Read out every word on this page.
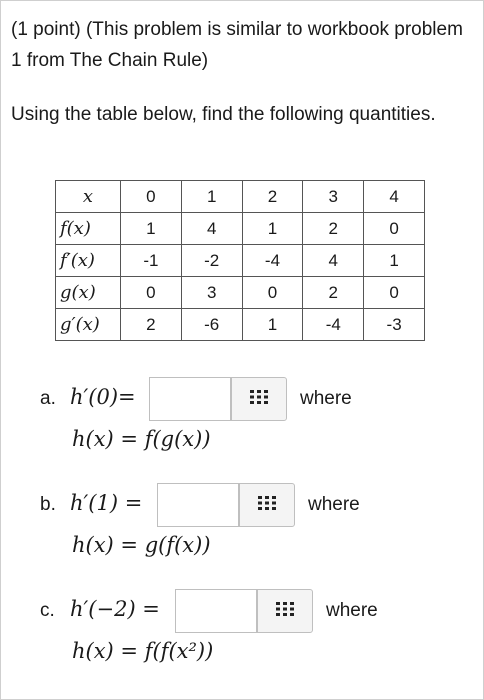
(1 point) (This problem is similar to workbook problem 1 from The Chain Rule)
Using the table below, find the following quantities.
x	0	1	2	3	4
f(x)	1	4	1	2	0
f′(x)	-1	-2	-4	4	1
g(x)	0	3	0	2	0
g′(x)	2	-6	1	-4	-3
a. h′(0)=	where
h(x) = f(g(x))
b. h′(1) =	where
h(x) = g(f(x))
c. h′(−2) =	where
h(x) = f(f(x²))
